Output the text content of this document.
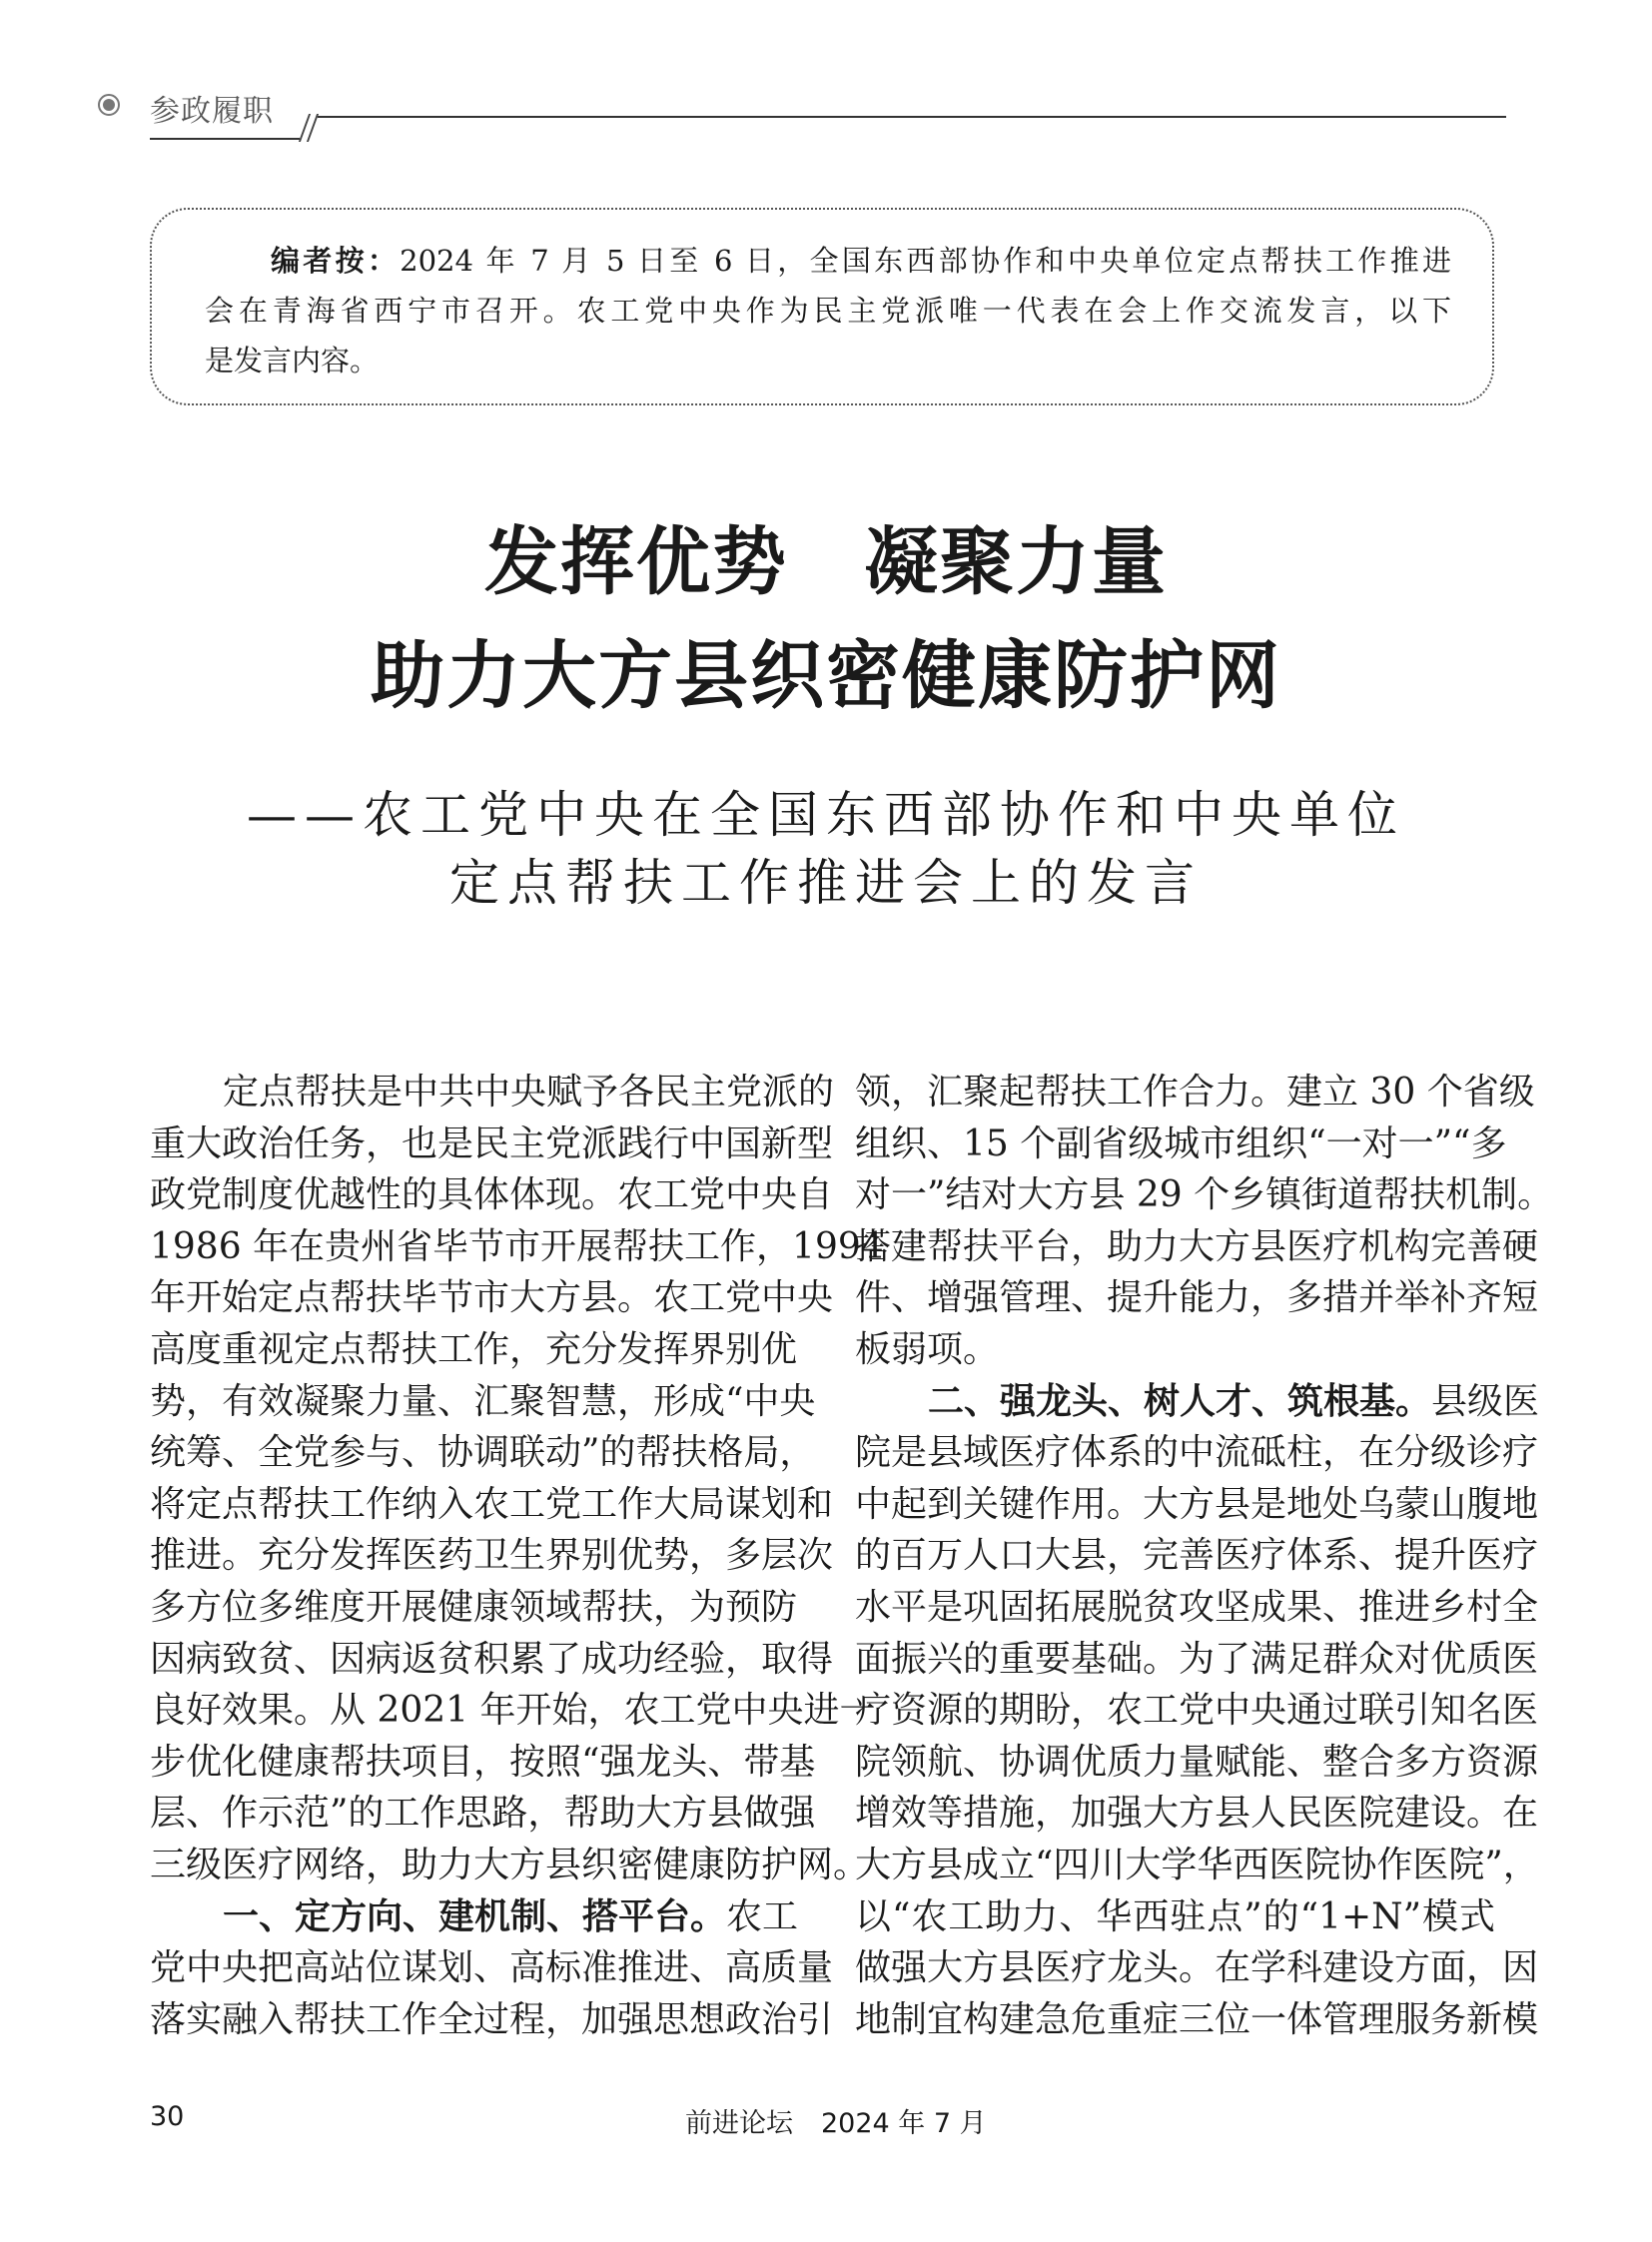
参政履职
编者按：2024 年 7 月 5 日至 6 日，全国东西部协作和中央单位定点帮扶工作推进
会在青海省西宁市召开。农工党中央作为民主党派唯一代表在会上作交流发言，以下
是发言内容。
发挥优势　凝聚力量
助力大方县织密健康防护网
——农工党中央在全国东西部协作和中央单位
定点帮扶工作推进会上的发言
定点帮扶是中共中央赋予各民主党派的
重大政治任务，也是民主党派践行中国新型
政党制度优越性的具体体现。农工党中央自
1986 年在贵州省毕节市开展帮扶工作，1994
年开始定点帮扶毕节市大方县。农工党中央
高度重视定点帮扶工作，充分发挥界别优
势，有效凝聚力量、汇聚智慧，形成“中央
统筹、全党参与、协调联动”的帮扶格局，
将定点帮扶工作纳入农工党工作大局谋划和
推进。充分发挥医药卫生界别优势，多层次
多方位多维度开展健康领域帮扶，为预防
因病致贫、因病返贫积累了成功经验，取得
良好效果。从 2021 年开始，农工党中央进一
步优化健康帮扶项目，按照“强龙头、带基
层、作示范”的工作思路，帮助大方县做强
三级医疗网络，助力大方县织密健康防护网。
一、定方向、建机制、搭平台。农工
党中央把高站位谋划、高标准推进、高质量
落实融入帮扶工作全过程，加强思想政治引
领，汇聚起帮扶工作合力。建立 30 个省级
组织、15 个副省级城市组织“一对一”“多
对一”结对大方县 29 个乡镇街道帮扶机制。
搭建帮扶平台，助力大方县医疗机构完善硬
件、增强管理、提升能力，多措并举补齐短
板弱项。
二、强龙头、树人才、筑根基。县级医
院是县域医疗体系的中流砥柱，在分级诊疗
中起到关键作用。大方县是地处乌蒙山腹地
的百万人口大县，完善医疗体系、提升医疗
水平是巩固拓展脱贫攻坚成果、推进乡村全
面振兴的重要基础。为了满足群众对优质医
疗资源的期盼，农工党中央通过联引知名医
院领航、协调优质力量赋能、整合多方资源
增效等措施，加强大方县人民医院建设。在
大方县成立“四川大学华西医院协作医院”，
以“农工助力、华西驻点”的“1+N”模式
做强大方县医疗龙头。在学科建设方面，因
地制宜构建急危重症三位一体管理服务新模
30	前进论坛 2024 年 7 月
